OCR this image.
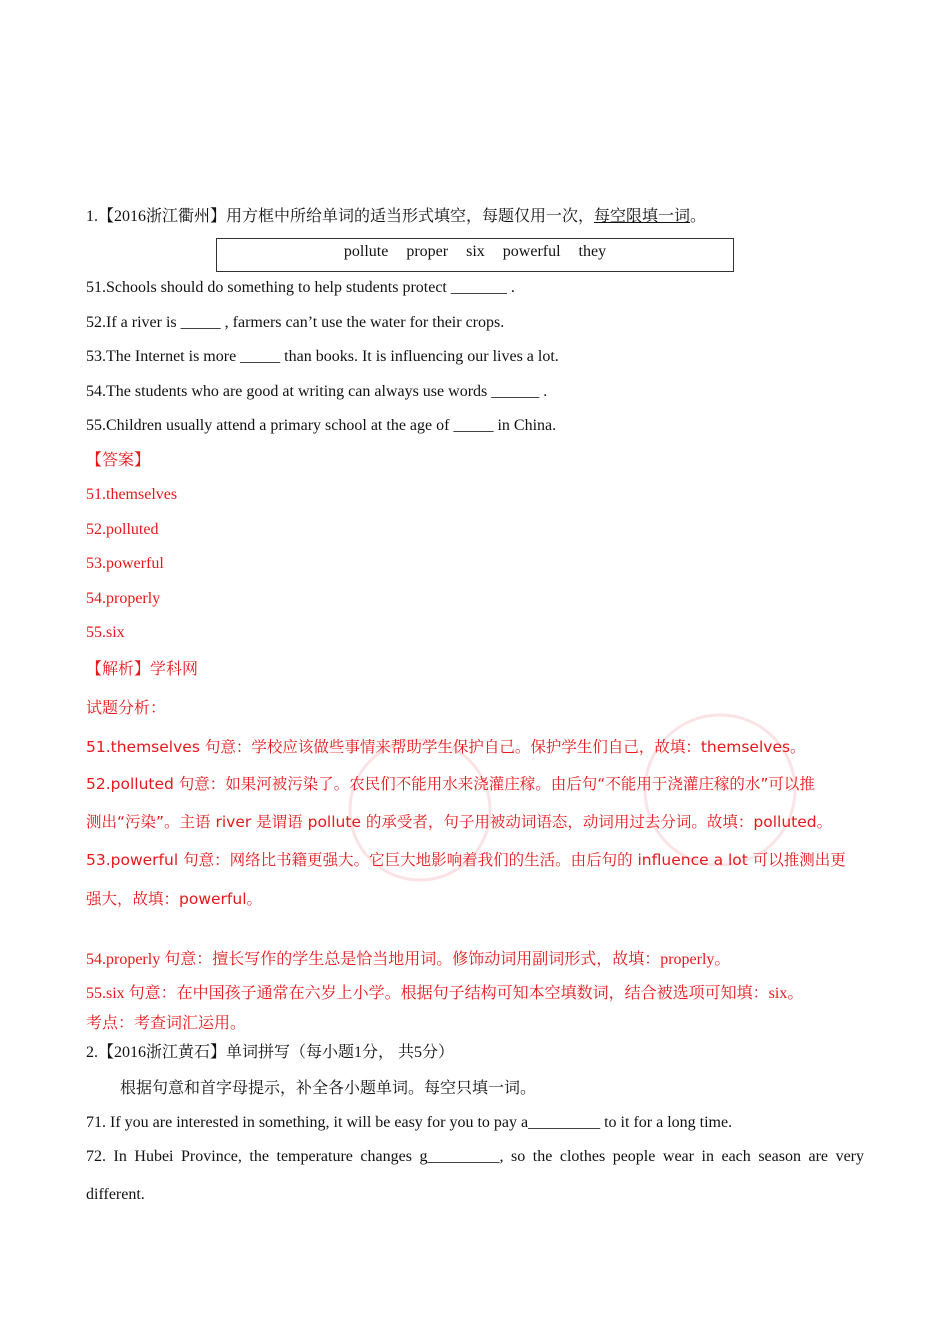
1.【2016浙江衢州】用方框中所给单词的适当形式填空，每题仅用一次，每空限填一词。
pollute proper six powerful they
51.Schools should do something to help students protect _______ .
52.If a river is _____ , farmers can’t use the water for their crops.
53.The Internet is more _____ than books. It is influencing our lives a lot.
54.The students who are good at writing can always use words ______ .
55.Children usually attend a primary school at the age of _____ in China.
【答案】
51.themselves
52.polluted
53.powerful
54.properly
55.six
【解析】学科网
试题分析：
51.themselves 句意：学校应该做些事情来帮助学生保护自己。保护学生们自己，故填：themselves。
52.polluted 句意：如果河被污染了。农民们不能用水来浇灌庄稼。由后句“不能用于浇灌庄稼的水”可以推
测出“污染”。主语 river 是谓语 pollute 的承受者，句子用被动词语态，动词用过去分词。故填：polluted。
53.powerful 句意：网络比书籍更强大。它巨大地影响着我们的生活。由后句的 influence a lot 可以推测出更
强大，故填：powerful。
54.properly 句意：擅长写作的学生总是恰当地用词。修饰动词用副词形式，故填：properly。
55.six 句意：在中国孩子通常在六岁上小学。根据句子结构可知本空填数词，结合被选项可知填：six。
考点：考查词汇运用。
2.【2016浙江黄石】单词拼写（每小题1分， 共5分）
根据句意和首字母提示，补全各小题单词。每空只填一词。
71. If you are interested in something, it will be easy for you to pay a_________ to it for a long time.
72. In Hubei Province, the temperature changes g_________, so the clothes people wear in each season are very
different.
